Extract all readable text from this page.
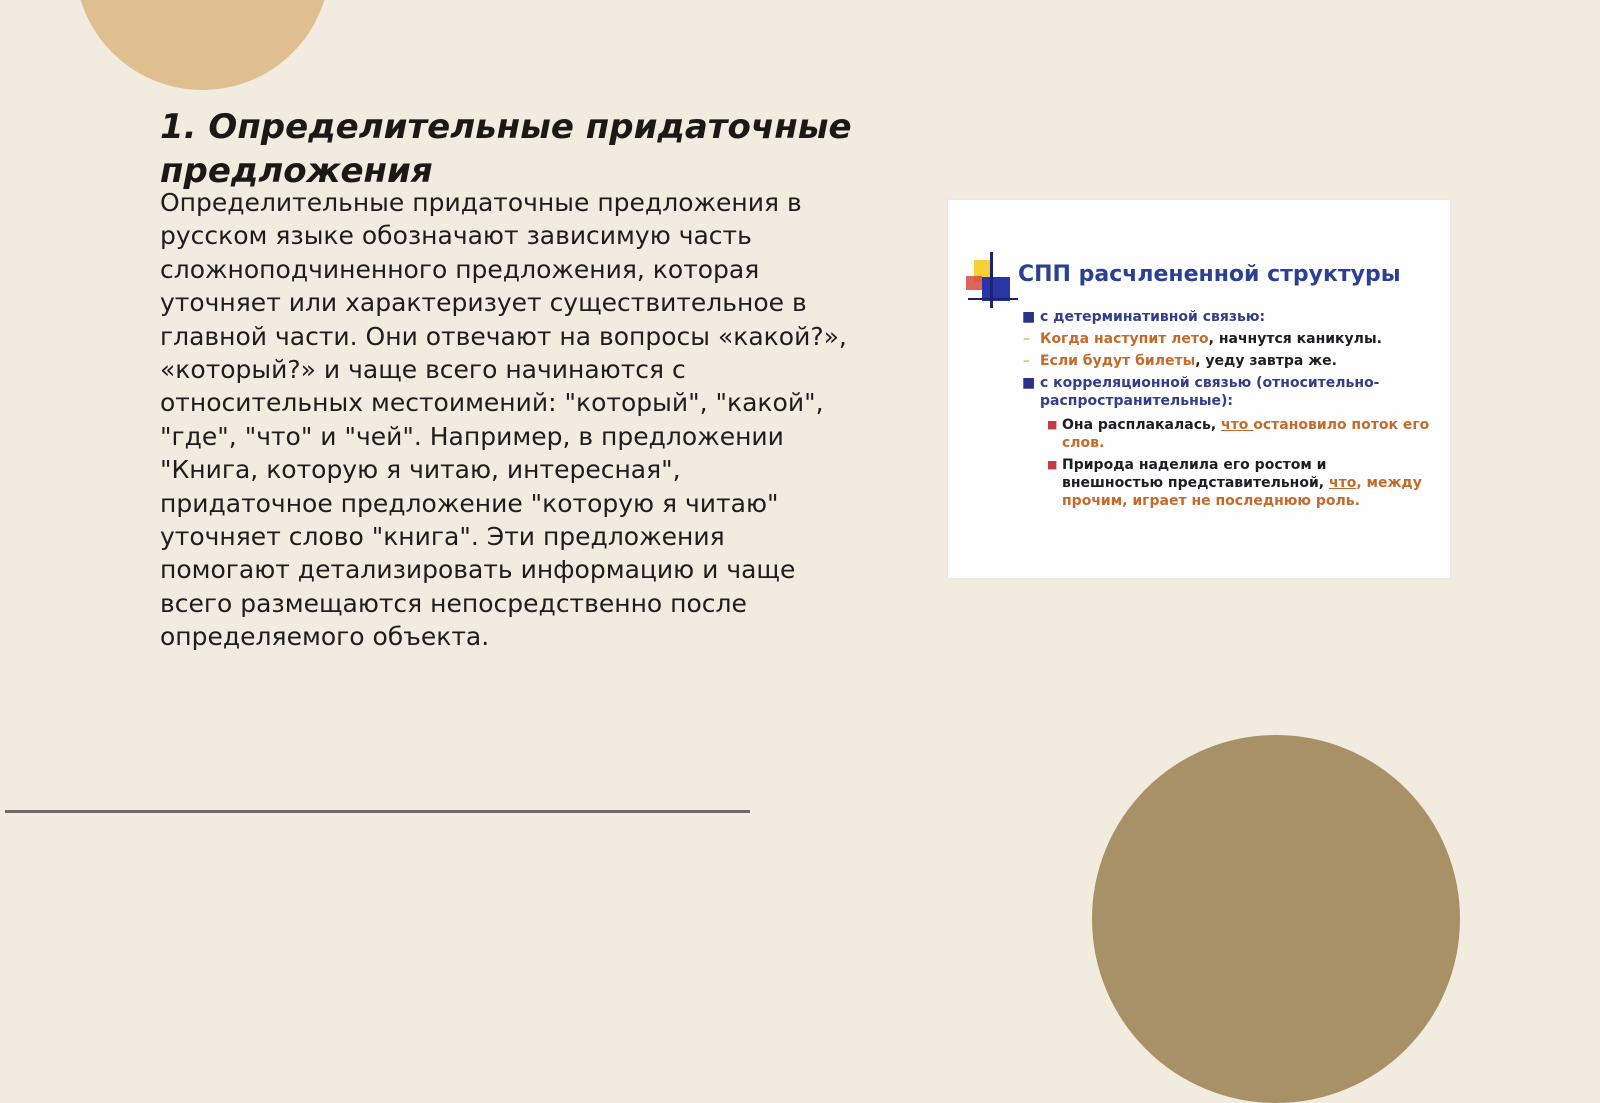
1. Определительные придаточные предложения

Определительные придаточные предложения в русском языке обозначают зависимую часть сложноподчиненного предложения, которая уточняет или характеризует существительное в главной части. Они отвечают на вопросы «какой?», «который?» и чаще всего начинаются с относительных местоимений: "который", "какой", "где", "что" и "чей". Например, в предложении "Книга, которую я читаю, интересная", придаточное предложение "которую я читаю" уточняет слово "книга". Эти предложения помогают детализировать информацию и чаще всего размещаются непосредственно после определяемого объекта.

СПП расчлененной структуры

■ с детерминативной связью:

– Когда наступит лето, начнутся каникулы.

– Если будут билеты, уеду завтра же.

■ с корреляционной связью (относительно-распространительные):

■ Она расплакалась, что остановило поток его слов.

■ Природа наделила его ростом и внешностью представительной, что, между прочим, играет не последнюю роль.
